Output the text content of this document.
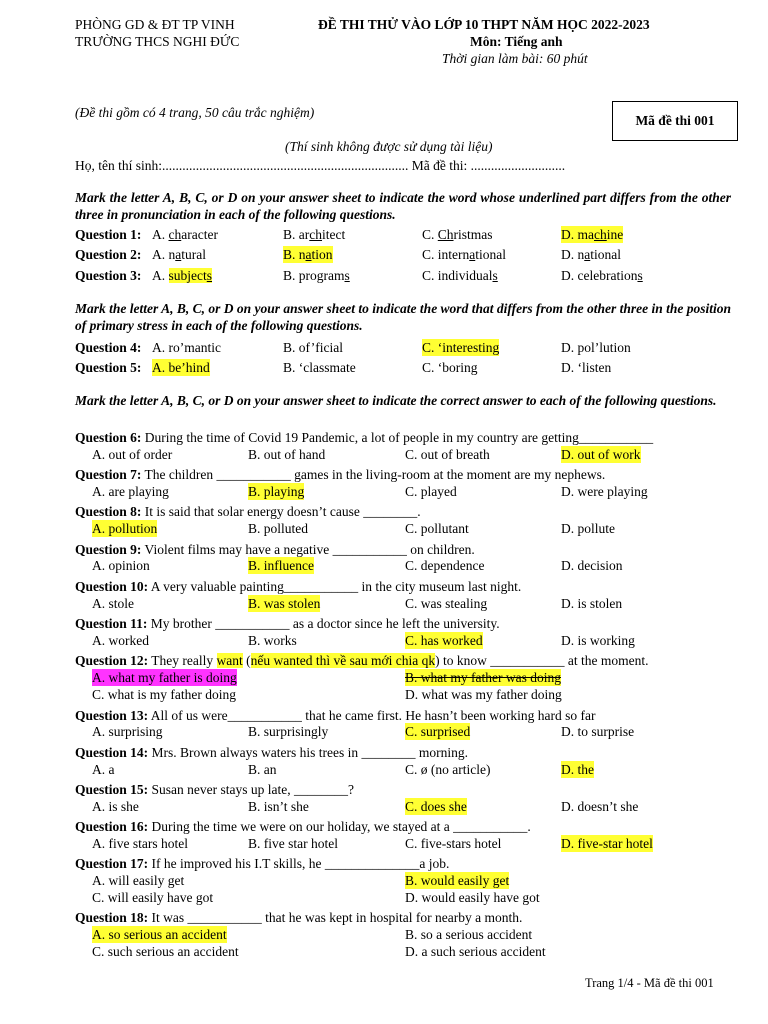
PHÒNG GD & ĐT TP VINH
TRƯỜNG THCS NGHI ĐỨC
ĐỀ THI THỬ VÀO LỚP 10 THPT NĂM HỌC 2022-2023
Môn: Tiếng anh
Thời gian làm bài: 60 phút
(Đề thi gồm có 4 trang, 50 câu trắc nghiệm)
Mã đề thi 001
(Thí sinh không được sử dụng tài liệu)
Họ, tên thí sinh:......................................................................... Mã đề thi: ............................
Mark the letter A, B, C, or D on your answer sheet to indicate the word whose underlined part differs from the other three in pronunciation in each of the following questions.
Question 1: A. character	B. architect	C. Christmas	D. machine
Question 2: A. natural	B. nation	C. international	D. national
Question 3: A. subjects	B. programs	C. individuals	D. celebrations
Mark the letter A, B, C, or D on your answer sheet to indicate the word that differs from the other three in the position of primary stress in each of the following questions.
Question 4: A. ro’mantic	B. of’ficial	C. ‘interesting	D. pol’lution
Question 5: A. be’hind	B. ‘classmate	C. ‘boring	D. ‘listen
Mark the letter A, B, C, or D on your answer sheet to indicate the correct answer to each of the following questions.
Question 6: During the time of Covid 19 Pandemic, a lot of people in my country are getting___________
A. out of order	B. out of hand	C. out of breath	D. out of work
Question 7: The children ___________ games in the living-room at the moment are my nephews.
A. are playing	B. playing	C. played	D. were playing
Question 8: It is said that solar energy doesn’t cause ________.
A. pollution	B. polluted	C. pollutant	D. pollute
Question 9: Violent films may have a negative ___________ on children.
A. opinion	B. influence	C. dependence	D. decision
Question 10: A very valuable painting___________ in the city museum last night.
A. stole	B. was stolen	C. was stealing	D. is stolen
Question 11: My brother ___________ as a doctor since he left the university.
A. worked	B. works	C. has worked	D. is working
Question 12: They really want (nếu wanted thì về sau mới chia qk) to know ___________ at the moment.
A. what my father is doing	B. what my father was doing
C. what is my father doing	D. what was my father doing
Question 13: All of us were___________ that he came first. He hasn’t been working hard so far
A. surprising	B. surprisingly	C. surprised	D. to surprise
Question 14: Mrs. Brown always waters his trees in ________ morning.
A. a	B. an	C. ø (no article)	D. the
Question 15: Susan never stays up late, ________?
A. is she	B. isn’t she	C. does she	D. doesn’t she
Question 16: During the time we were on our holiday, we stayed at a ___________.
A. five stars hotel	B. five star hotel	C. five-stars hotel	D. five-star hotel
Question 17: If he improved his I.T skills, he ______________a job.
A. will easily get	B. would easily get
C. will easily have got	D. would easily have got
Question 18: It was ___________ that he was kept in hospital for nearby a month.
A. so serious an accident	B. so a serious accident
C. such serious an accident	D. a such serious accident
Trang 1/4 - Mã đề thi 001
